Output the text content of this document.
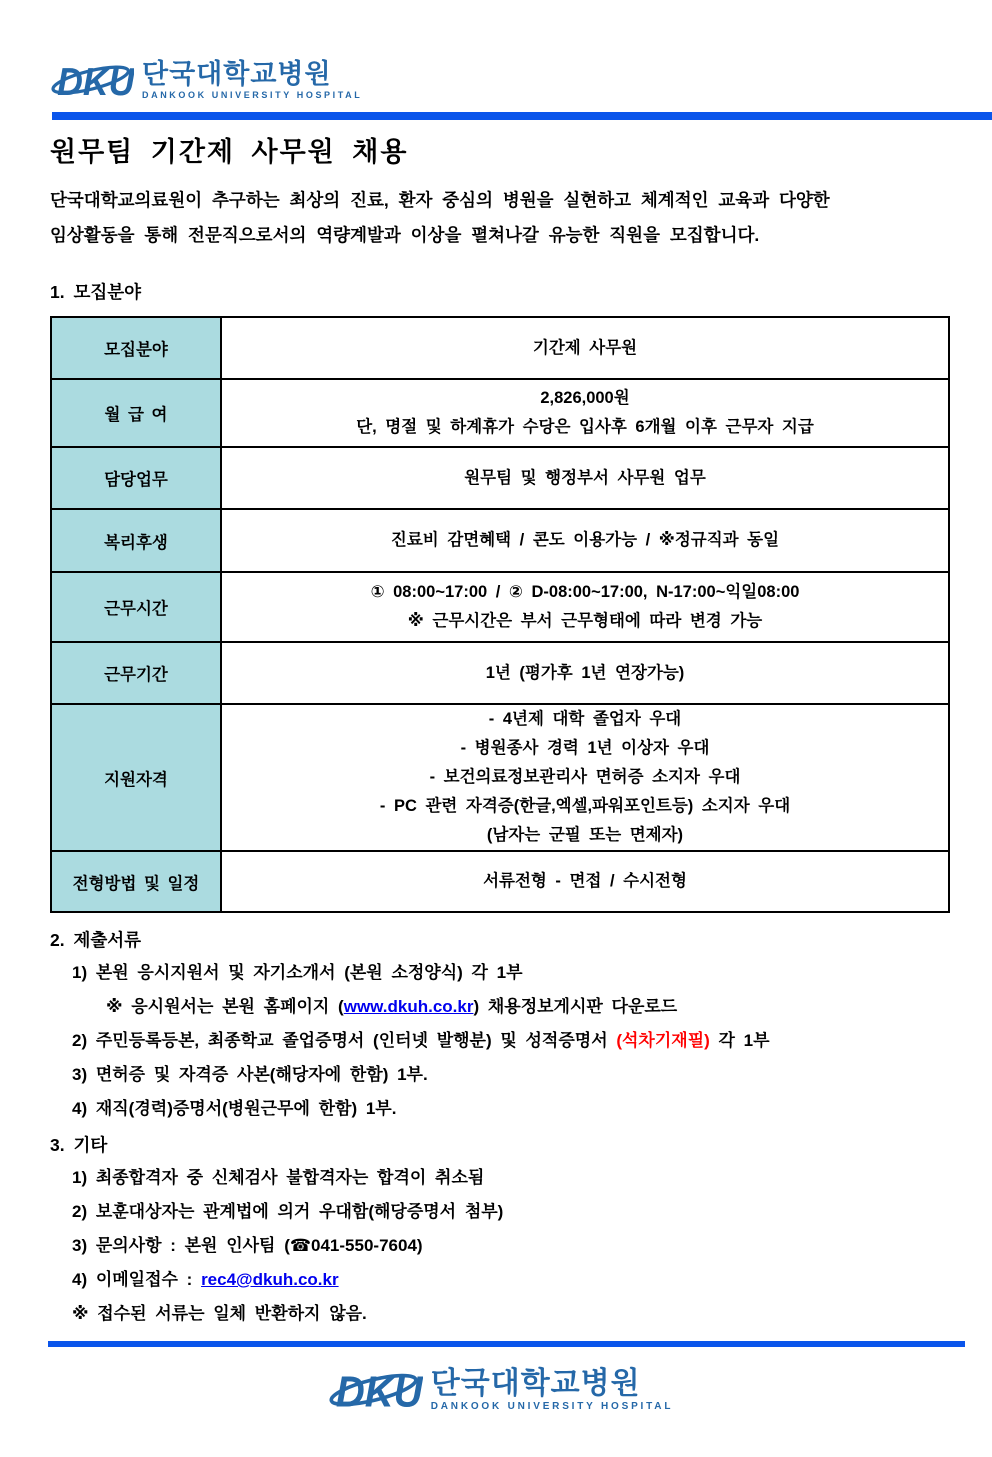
DKU 단국대학교병원
DANKOOK UNIVERSITY HOSPITAL
원무팀 기간제 사무원 채용
단국대학교의료원이 추구하는 최상의 진료, 환자 중심의 병원을 실현하고 체계적인 교육과 다양한
임상활동을 통해 전문직으로서의 역량계발과 이상을 펼쳐나갈 유능한 직원을 모집합니다.
1. 모집분야
모집분야	기간제 사무원

월 급 여	2,826,000원
단, 명절 및 하계휴가 수당은 입사후 6개월 이후 근무자 지급

담당업무	원무팀 및 행정부서 사무원 업무

복리후생	진료비 감면혜택 / 콘도 이용가능 / ※정규직과 동일

근무시간	① 08:00~17:00 / ② D-08:00~17:00, N-17:00~익일08:00
※ 근무시간은 부서 근무형태에 따라 변경 가능

근무기간	1년 (평가후 1년 연장가능)

지원자격	- 4년제 대학 졸업자 우대
- 병원종사 경력 1년 이상자 우대
- 보건의료정보관리사 면허증 소지자 우대
- PC 관련 자격증(한글,엑셀,파워포인트등) 소지자 우대
(남자는 군필 또는 면제자)

전형방법 및 일정	서류전형 - 면접 / 수시전형
2. 제출서류
1) 본원 응시지원서 및 자기소개서 (본원 소정양식) 각 1부
※ 응시원서는 본원 홈페이지 (www.dkuh.co.kr) 채용정보게시판 다운로드
2) 주민등록등본, 최종학교 졸업증명서 (인터넷 발행분) 및 성적증명서 (석차기재필) 각 1부
3) 면허증 및 자격증 사본(해당자에 한함) 1부.
4) 재직(경력)증명서(병원근무에 한함) 1부.
3. 기타
1) 최종합격자 중 신체검사 불합격자는 합격이 취소됨
2) 보훈대상자는 관계법에 의거 우대함(해당증명서 첨부)
3) 문의사항 : 본원 인사팀 (☎041-550-7604)
4) 이메일접수 : rec4@dkuh.co.kr
※ 접수된 서류는 일체 반환하지 않음.
DKU 단국대학교병원
DANKOOK UNIVERSITY HOSPITAL
